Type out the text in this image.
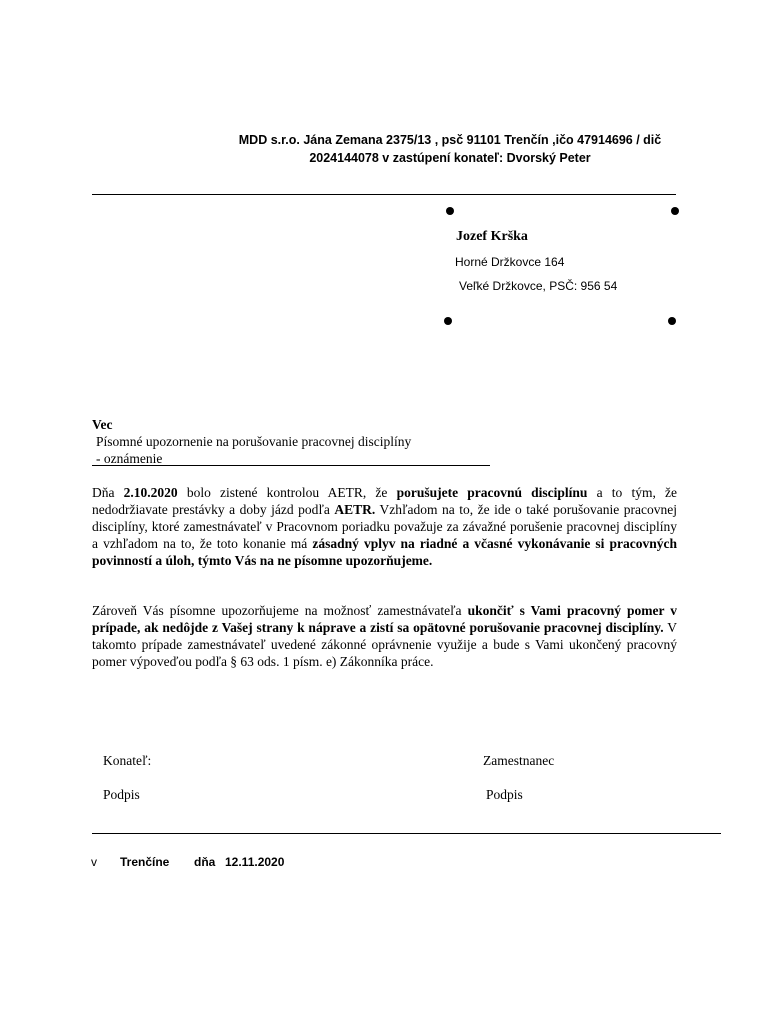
MDD s.r.o. Jána Zemana 2375/13 , psč 91101 Trenčín ,ičo 47914696 / dič
2024144078 v zastúpení konateľ: Dvorský Peter
Jozef Krška
Horné Držkovce 164
Veľké Držkovce, PSČ: 956 54
Vec
Písomné upozornenie na porušovanie pracovnej disciplíny
- oznámenie
Dňa 2.10.2020 bolo zistené kontrolou AETR, že porušujete pracovnú disciplínu a to tým, že nedodržiavate prestávky a doby jázd podľa AETR. Vzhľadom na to, že ide o také porušovanie pracovnej disciplíny, ktoré zamestnávateľ v Pracovnom poriadku považuje za závažné porušenie pracovnej disciplíny a vzhľadom na to, že toto konanie má zásadný vplyv na riadné a včasné vykonávanie si pracovných povinností a úloh, týmto Vás na ne písomne upozorňujeme.
Zároveň Vás písomne upozorňujeme na možnosť zamestnávateľa ukončiť s Vami pracovný pomer v prípade, ak nedôjde z Vašej strany k náprave a zistí sa opätovné porušovanie pracovnej disciplíny. V takomto prípade zamestnávateľ uvedené zákonné oprávnenie využije a bude s Vami ukončený pracovný pomer výpoveďou podľa § 63 ods. 1 písm. e) Zákonníka práce.
Konateľ:
Podpis
Zamestnanec
Podpis
v Trenčíne dňa 12.11.2020
